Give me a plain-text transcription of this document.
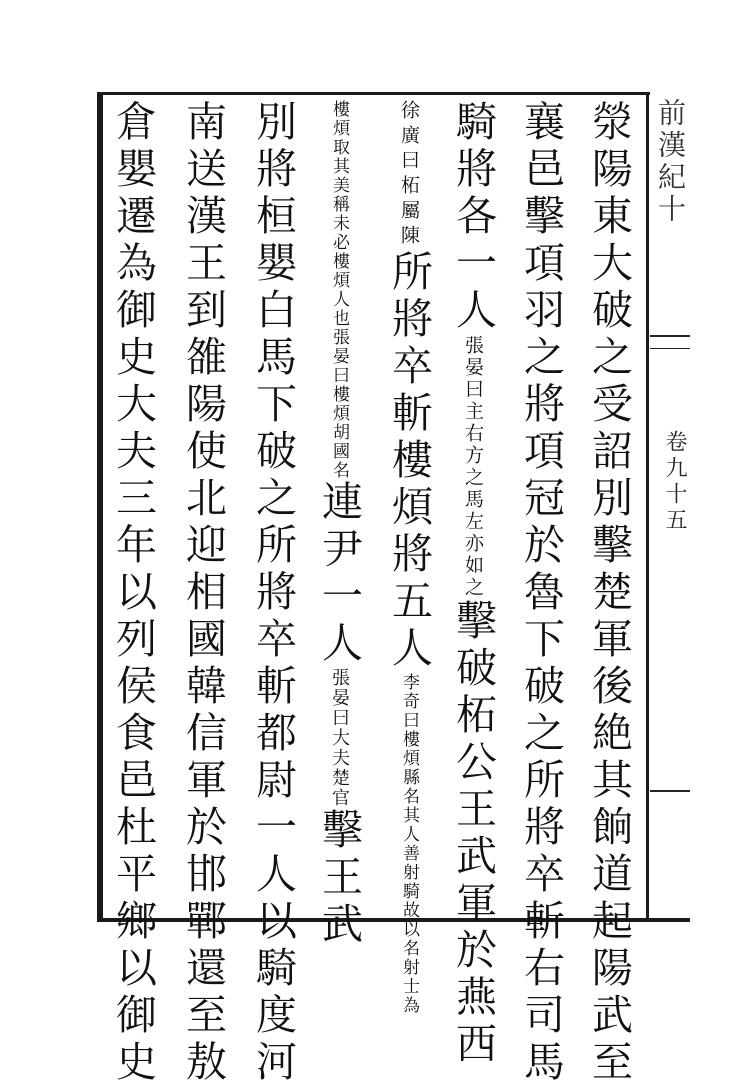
前漢紀十
卷九十五
滎陽東大破之受詔別擊楚軍後絶其餉道起陽武至
襄邑擊項羽之將項冠於魯下破之所將卒斬右司馬
騎將各一人張晏曰主右方之馬左亦如之擊破柘公王武軍於燕西
徐廣曰柘屬陳所將卒斬樓煩將五人李奇曰樓煩縣名其人善射騎故以名射士為
樓煩取其美稱未必樓煩人也張晏曰樓煩胡國名連尹一人張晏曰大夫楚官擊王武
別將桓嬰白馬下破之所將卒斬都尉一人以騎度河
南送漢王到雒陽使北迎相國韓信軍於邯鄲還至敖
倉嬰遷為御史大夫三年以列侯食邑杜平鄉以御史
